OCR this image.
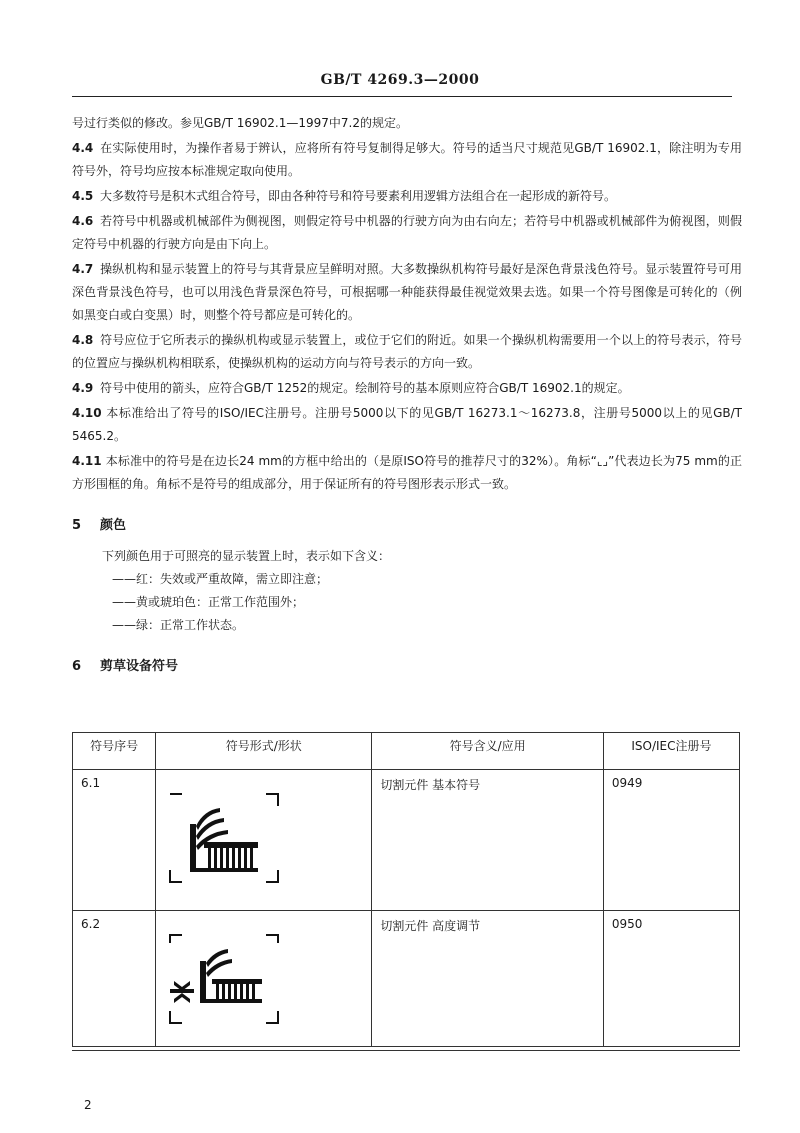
GB/T 4269.3—2000

号过行类似的修改。参见GB/T 16902.1—1997中7.2的规定。

4.4 在实际使用时，为操作者易于辨认，应将所有符号复制得足够大。符号的适当尺寸规范见GB/T 16902.1，除注明为专用符号外，符号均应按本标准规定取向使用。

4.5 大多数符号是积木式组合符号，即由各种符号和符号要素利用逻辑方法组合在一起形成的新符号。

4.6 若符号中机器或机械部件为侧视图，则假定符号中机器的行驶方向为由右向左；若符号中机器或机械部件为俯视图，则假定符号中机器的行驶方向是由下向上。

4.7 操纵机构和显示装置上的符号与其背景应呈鲜明对照。大多数操纵机构符号最好是深色背景浅色符号。显示装置符号可用深色背景浅色符号，也可以用浅色背景深色符号，可根据哪一种能获得最佳视觉效果去选。如果一个符号图像是可转化的（例如黑变白或白变黑）时，则整个符号都应是可转化的。

4.8 符号应位于它所表示的操纵机构或显示装置上，或位于它们的附近。如果一个操纵机构需要用一个以上的符号表示，符号的位置应与操纵机构相联系，使操纵机构的运动方向与符号表示的方向一致。

4.9 符号中使用的箭头，应符合GB/T 1252的规定。绘制符号的基本原则应符合GB/T 16902.1的规定。

4.10 本标准给出了符号的ISO/IEC注册号。注册号5000以下的见GB/T 16273.1～16273.8，注册号5000以上的见GB/T 5465.2。

4.11 本标准中的符号是在边长24 mm的方框中给出的（是原ISO符号的推荐尺寸的32%）。角标“⌞⌟”代表边长为75 mm的正方形围框的角。角标不是符号的组成部分，用于保证所有的符号图形表示形式一致。

5 颜色
下列颜色用于可照亮的显示装置上时，表示如下含义：
——红：失效或严重故障，需立即注意；
——黄或琥珀色：正常工作范围外；
——绿：正常工作状态。
6 剪草设备符号
符号序号	符号形式/形状	符号含义/应用	ISO/IEC注册号
6.1		切割元件 基本符号	0949
6.2		切割元件 高度调节	0950
2
